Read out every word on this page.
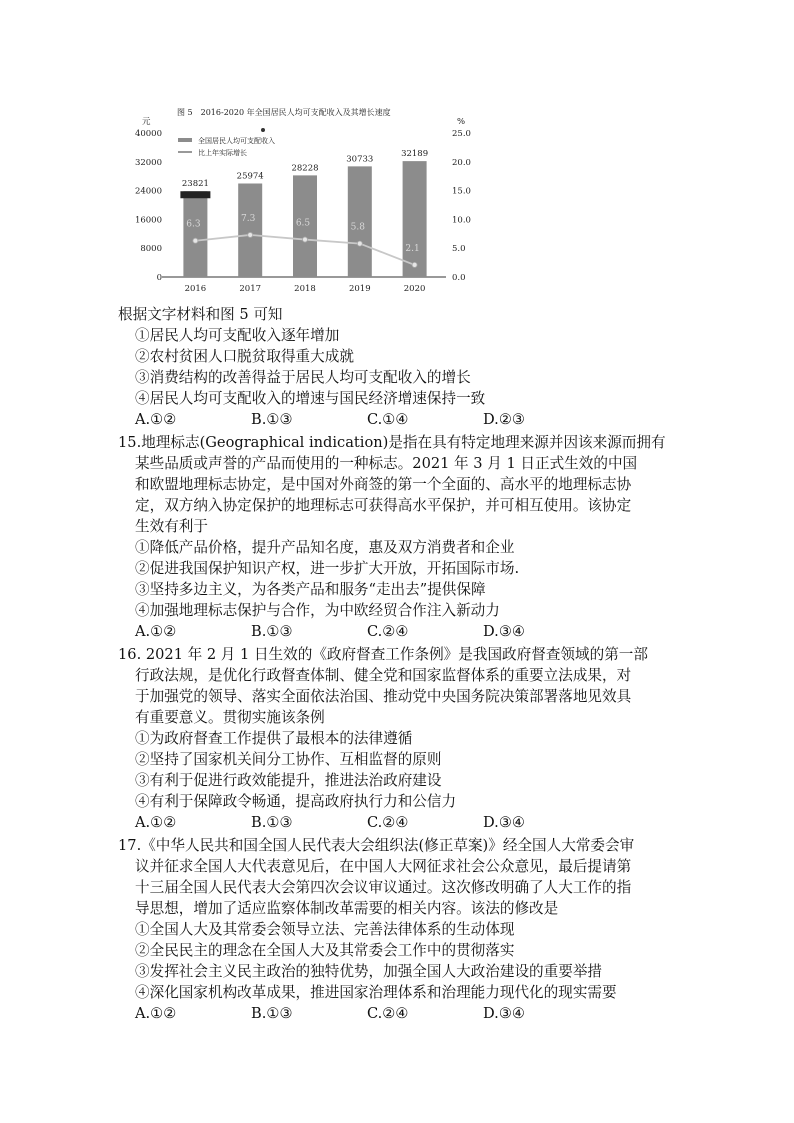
图 5　2016-2020 年全国居民人均可支配收入及其增长速度
元	%
0
8000
16000
24000
32000
40000
0.0
5.0
10.0
15.0
20.0
25.0
23821
25974
28228
30733
32189
6.3
7.3	6.5	5.8
2.1
2016	2017	2018	2019	2020
全国居民人均可支配收入
比上年实际增长

根据文字材料和图 5 可知

①居民人均可支配收入逐年增加

②农村贫困人口脱贫取得重大成就

③消费结构的改善得益于居民人均可支配收入的增长

④居民人均可支配收入的增速与国民经济增速保持一致

A.①②	B.①③	C.①④	D.②③

15.地理标志(Geographical indication)是指在具有特定地理来源并因该来源而拥有

某些品质或声誉的产品而使用的一种标志。2021 年 3 月 1 日正式生效的中国

和欧盟地理标志协定，是中国对外商签的第一个全面的、高水平的地理标志协

定，双方纳入协定保护的地理标志可获得高水平保护，并可相互使用。该协定

生效有利于

①降低产品价格，提升产品知名度，惠及双方消费者和企业

②促进我国保护知识产权，进一步扩大开放，开拓国际市场.

③坚持多边主义，为各类产品和服务“走出去”提供保障

④加强地理标志保护与合作，为中欧经贸合作注入新动力

A.①②	B.①③	C.②④	D.③④

16. 2021 年 2 月 1 日生效的《政府督查工作条例》是我国政府督查领域的第一部

行政法规，是优化行政督查体制、健全党和国家监督体系的重要立法成果，对

于加强党的领导、落实全面依法治国、推动党中央国务院决策部署落地见效具

有重要意义。贯彻实施该条例

①为政府督查工作提供了最根本的法律遵循

②坚持了国家机关间分工协作、互相监督的原则

③有利于促进行政效能提升，推进法治政府建设

④有利于保障政令畅通，提高政府执行力和公信力

A.①②	B.①③	C.②④	D.③④

17.《中华人民共和国全国人民代表大会组织法(修正草案)》经全国人大常委会审

议并征求全国人大代表意见后，在中国人大网征求社会公众意见，最后提请第

十三届全国人民代表大会第四次会议审议通过。这次修改明确了人大工作的指

导思想，增加了适应监察体制改革需要的相关内容。该法的修改是

①全国人大及其常委会领导立法、完善法律体系的生动体现

②全民民主的理念在全国人大及其常委会工作中的贯彻落实

③发挥社会主义民主政治的独特优势，加强全国人大政治建设的重要举措

④深化国家机构改革成果，推进国家治理体系和治理能力现代化的现实需要

A.①②	B.①③	C.②④	D.③④
